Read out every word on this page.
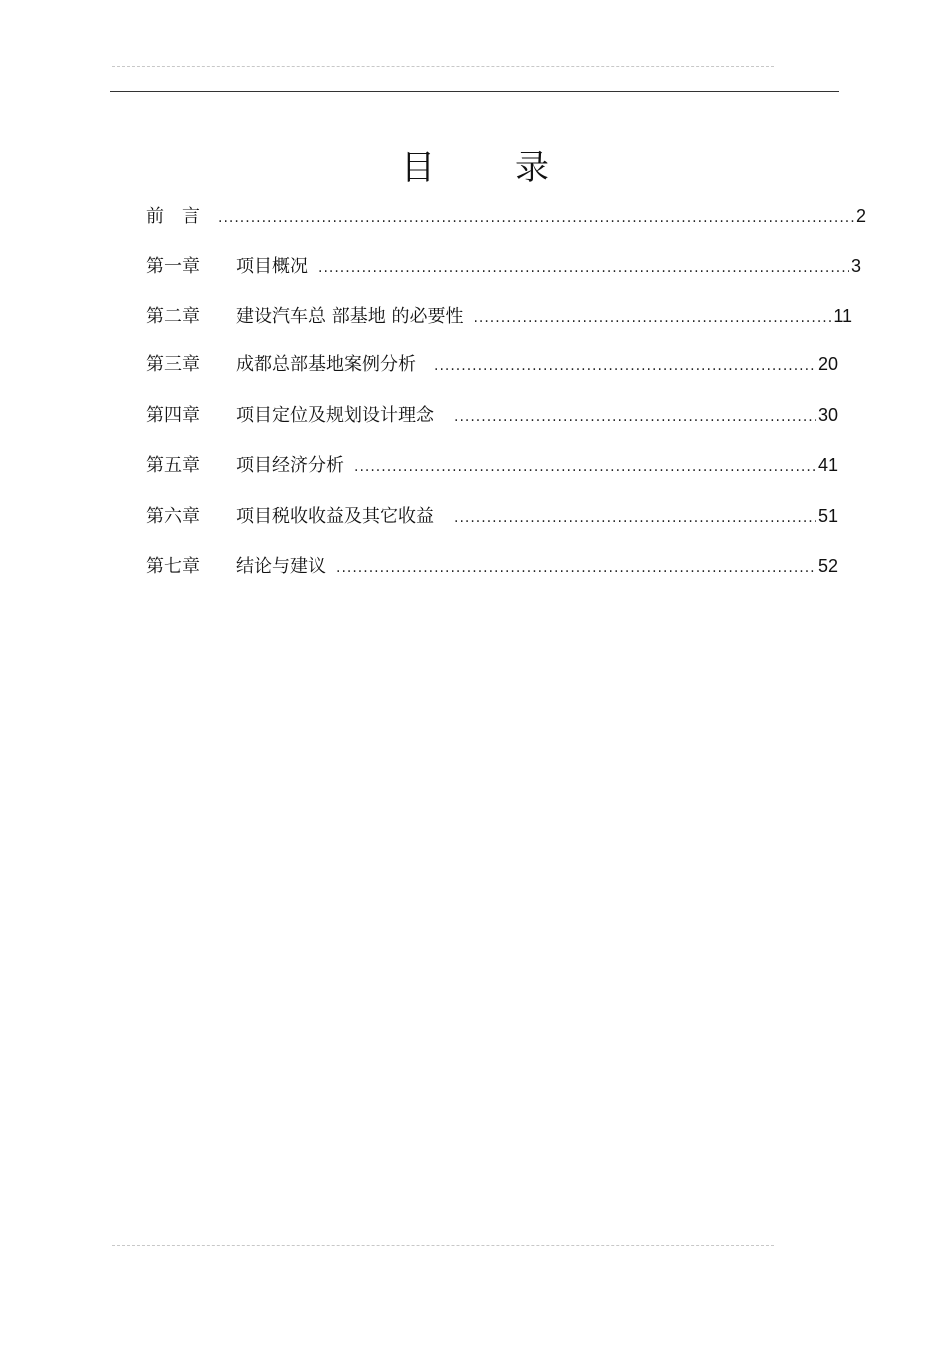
目 录
前　言 .....	2
第一章	项目概况 .....	3
第二章	建设汽车总 部基地 的必要性 .....	11
第三章	成都总部基地案例分析 .....	20
第四章	项目定位及规划设计理念 .....	30
第五章	项目经济分析 .....	41
第六章	项目税收收益及其它收益 .....	51
第七章	结论与建议 .....	52
